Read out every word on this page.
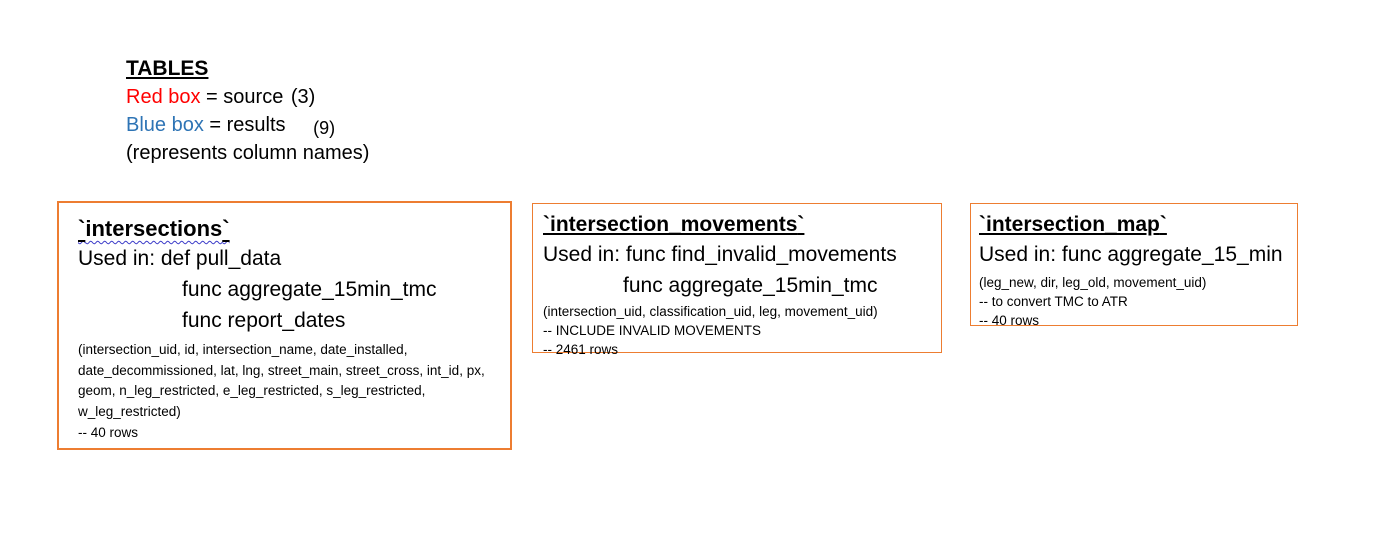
TABLES
Red box = source (3)
Blue box = results (9)
(represents column names)
`intersections`
Used in: def pull_data
func aggregate_15min_tmc
func report_dates
(intersection_uid, id, intersection_name, date_installed, date_decommissioned, lat, lng, street_main, street_cross, int_id, px, geom, n_leg_restricted, e_leg_restricted, s_leg_restricted, w_leg_restricted)
-- 40 rows
`intersection_movements`
Used in: func find_invalid_movements
func aggregate_15min_tmc
(intersection_uid, classification_uid, leg, movement_uid)
-- INCLUDE INVALID MOVEMENTS
-- 2461 rows
`intersection_map`
Used in: func aggregate_15_min
(leg_new, dir, leg_old, movement_uid)
-- to convert TMC to ATR
-- 40 rows
